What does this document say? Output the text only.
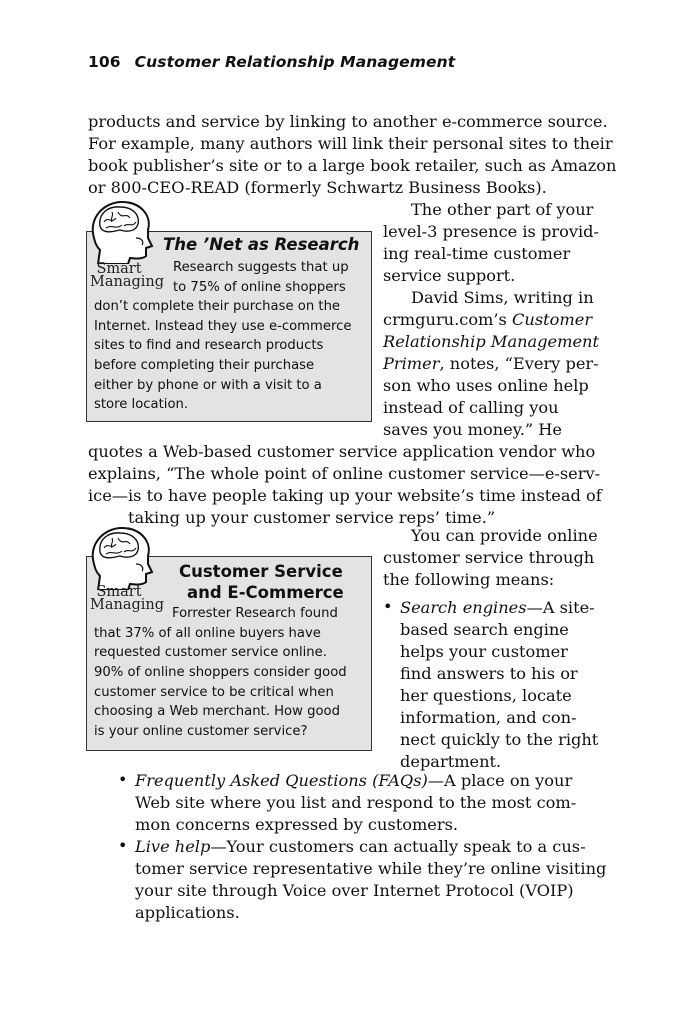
106 Customer Relationship Management
products and service by linking to another e-commerce source.
For example, many authors will link their personal sites to their
book publisher’s site or to a large book retailer, such as Amazon
or 800-CEO-READ (formerly Schwartz Business Books).
Smart
Managing
The ’Net as Research
Research suggests that up
to 75% of online shoppers
don’t complete their purchase on the
Internet. Instead they use e-commerce
sites to find and research products
before completing their purchase
either by phone or with a visit to a
store location.
The other part of your
level-3 presence is provid-
ing real-time customer
service support.
David Sims, writing in
crmguru.com’s Customer
Relationship Management
Primer, notes, “Every per-
son who uses online help
instead of calling you
saves you money.” He
quotes a Web-based customer service application vendor who
explains, “The whole point of online customer service—e-serv-
ice—is to have people taking up your website’s time instead of
taking up your customer service reps’ time.”
Smart
Managing
Customer Service
and E-Commerce
Forrester Research found
that 37% of all online buyers have
requested customer service online.
90% of online shoppers consider good
customer service to be critical when
choosing a Web merchant. How good
is your online customer service?
You can provide online
customer service through
the following means:
• Search engines—A site-
based search engine
helps your customer
find answers to his or
her questions, locate
information, and con-
nect quickly to the right
department.
• Frequently Asked Questions (FAQs)—A place on your
Web site where you list and respond to the most com-
mon concerns expressed by customers.
• Live help—Your customers can actually speak to a cus-
tomer service representative while they’re online visiting
your site through Voice over Internet Protocol (VOIP)
applications.
